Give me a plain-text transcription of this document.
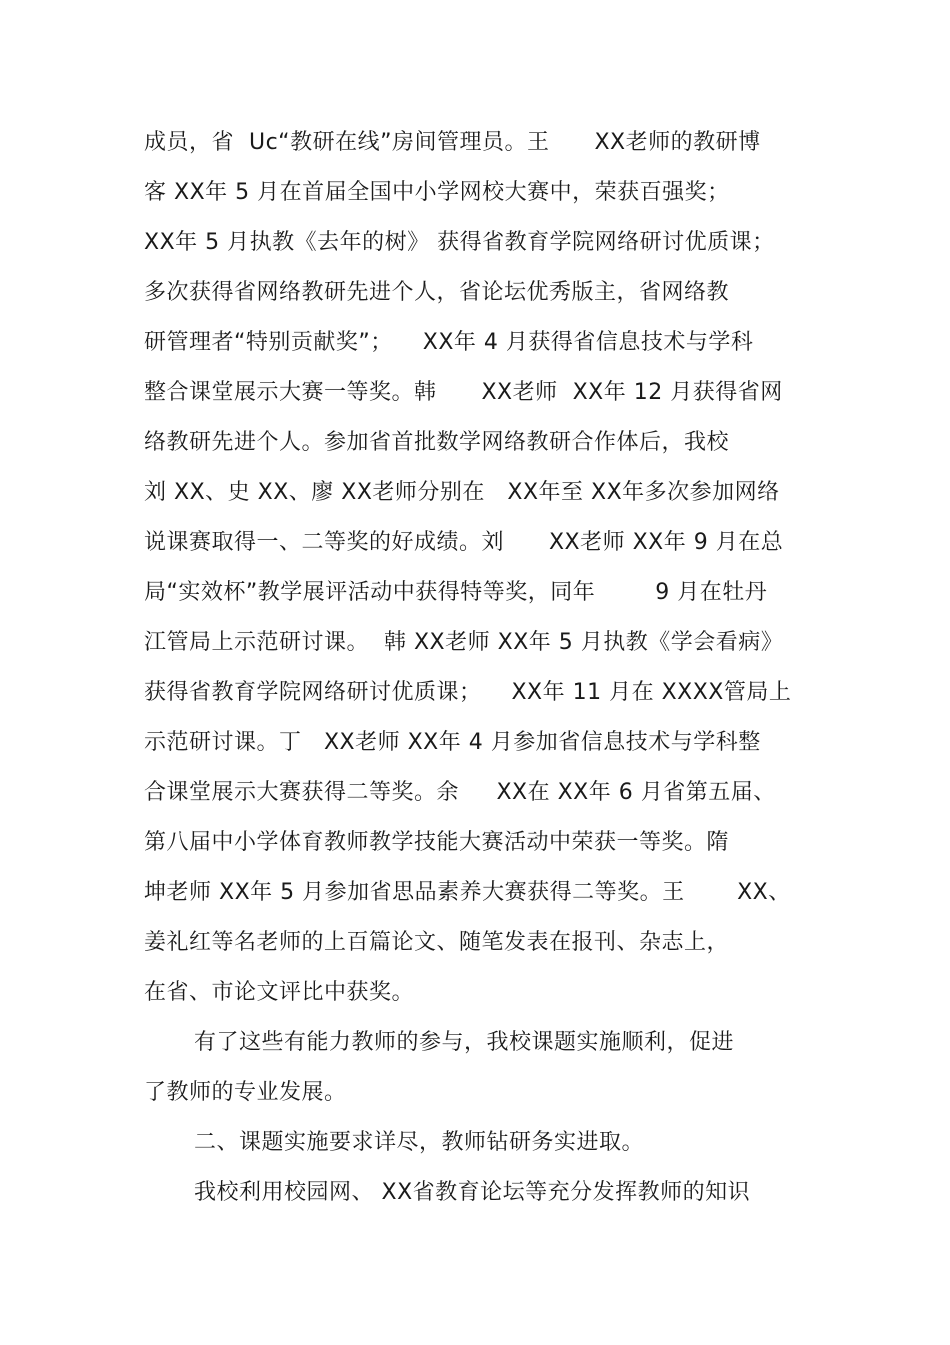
成员，省  Uc“教研在线”房间管理员。王      XX老师的教研博
客 XX年 5 月在首届全国中小学网校大赛中，荣获百强奖；
XX年 5 月执教《去年的树》 获得省教育学院网络研讨优质课；
多次获得省网络教研先进个人，省论坛优秀版主，省网络教
研管理者“特别贡献奖”；    XX年 4 月获得省信息技术与学科
整合课堂展示大赛一等奖。韩      XX老师  XX年 12 月获得省网
络教研先进个人。参加省首批数学网络教研合作体后，我校
刘 XX、史 XX、廖 XX老师分别在   XX年至 XX年多次参加网络
说课赛取得一、二等奖的好成绩。刘      XX老师 XX年 9 月在总
局“实效杯”教学展评活动中获得特等奖，同年        9 月在牡丹
江管局上示范研讨课。  韩 XX老师 XX年 5 月执教《学会看病》
获得省教育学院网络研讨优质课；    XX年 11 月在 XXXX管局上
示范研讨课。丁   XX老师 XX年 4 月参加省信息技术与学科整
合课堂展示大赛获得二等奖。余     XX在 XX年 6 月省第五届、
第八届中小学体育教师教学技能大赛活动中荣获一等奖。隋
坤老师 XX年 5 月参加省思品素养大赛获得二等奖。王       XX、
姜礼红等名老师的上百篇论文、随笔发表在报刊、杂志上，
在省、市论文评比中获奖。
有了这些有能力教师的参与，我校课题实施顺利，促进
了教师的专业发展。
二、课题实施要求详尽，教师钻研务实进取。
我校利用校园网、 XX省教育论坛等充分发挥教师的知识
